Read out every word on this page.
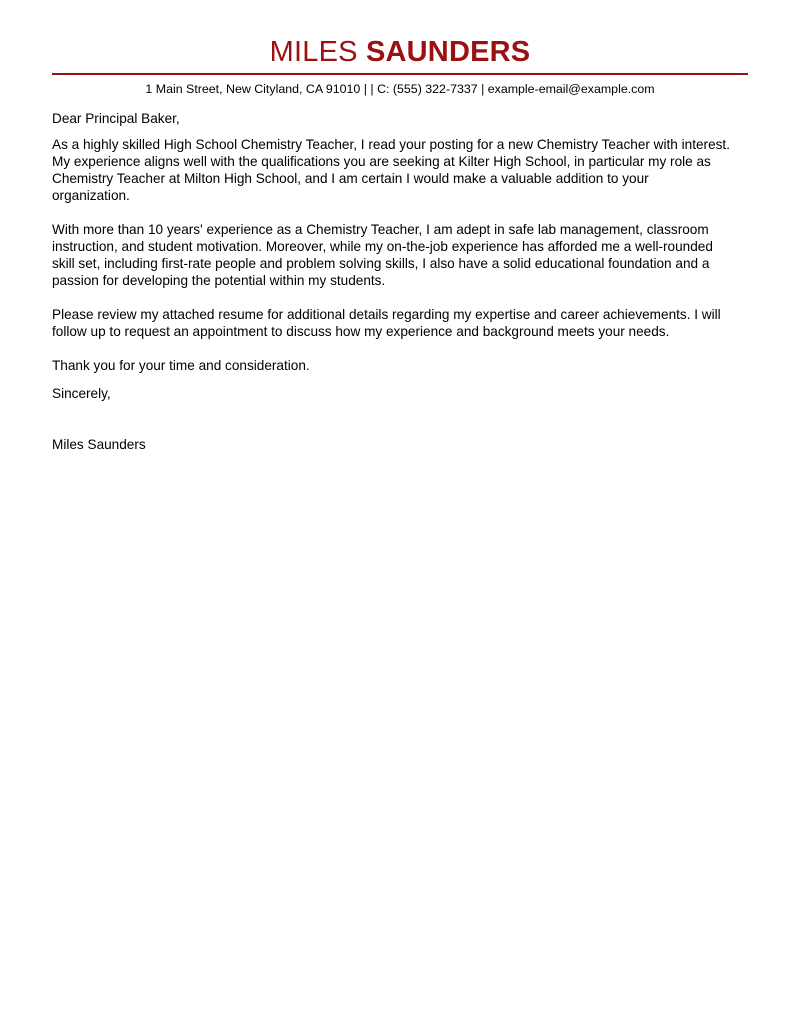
MILES SAUNDERS
1 Main Street, New Cityland, CA 91010 | | C: (555) 322-7337 | example-email@example.com

Dear Principal Baker,

As a highly skilled High School Chemistry Teacher, I read your posting for a new Chemistry Teacher with interest.
My experience aligns well with the qualifications you are seeking at Kilter High School, in particular my role as
Chemistry Teacher at Milton High School, and I am certain I would make a valuable addition to your
organization.
With more than 10 years' experience as a Chemistry Teacher, I am adept in safe lab management, classroom
instruction, and student motivation. Moreover, while my on-the-job experience has afforded me a well-rounded
skill set, including first-rate people and problem solving skills, I also have a solid educational foundation and a
passion for developing the potential within my students.
Please review my attached resume for additional details regarding my expertise and career achievements. I will
follow up to request an appointment to discuss how my experience and background meets your needs.

Thank you for your time and consideration.

Sincerely,

Miles Saunders
